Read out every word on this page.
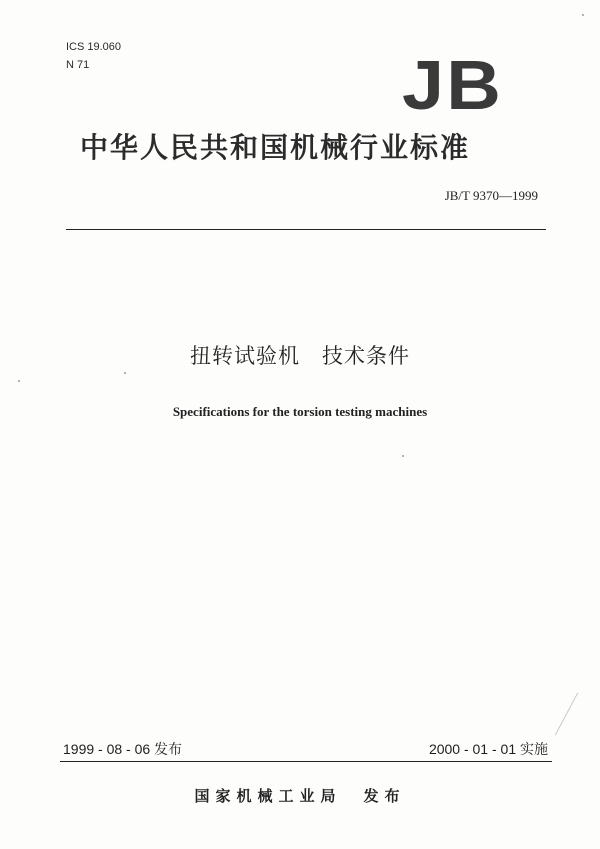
ICS 19.060
N 71	JB
中华人民共和国机械行业标准
JB/T 9370—1999
扭转试验机　技术条件
Specifications for the torsion testing machines
1999 - 08 - 06 发布	2000 - 01 - 01 实施
国家机械工业局 发布
